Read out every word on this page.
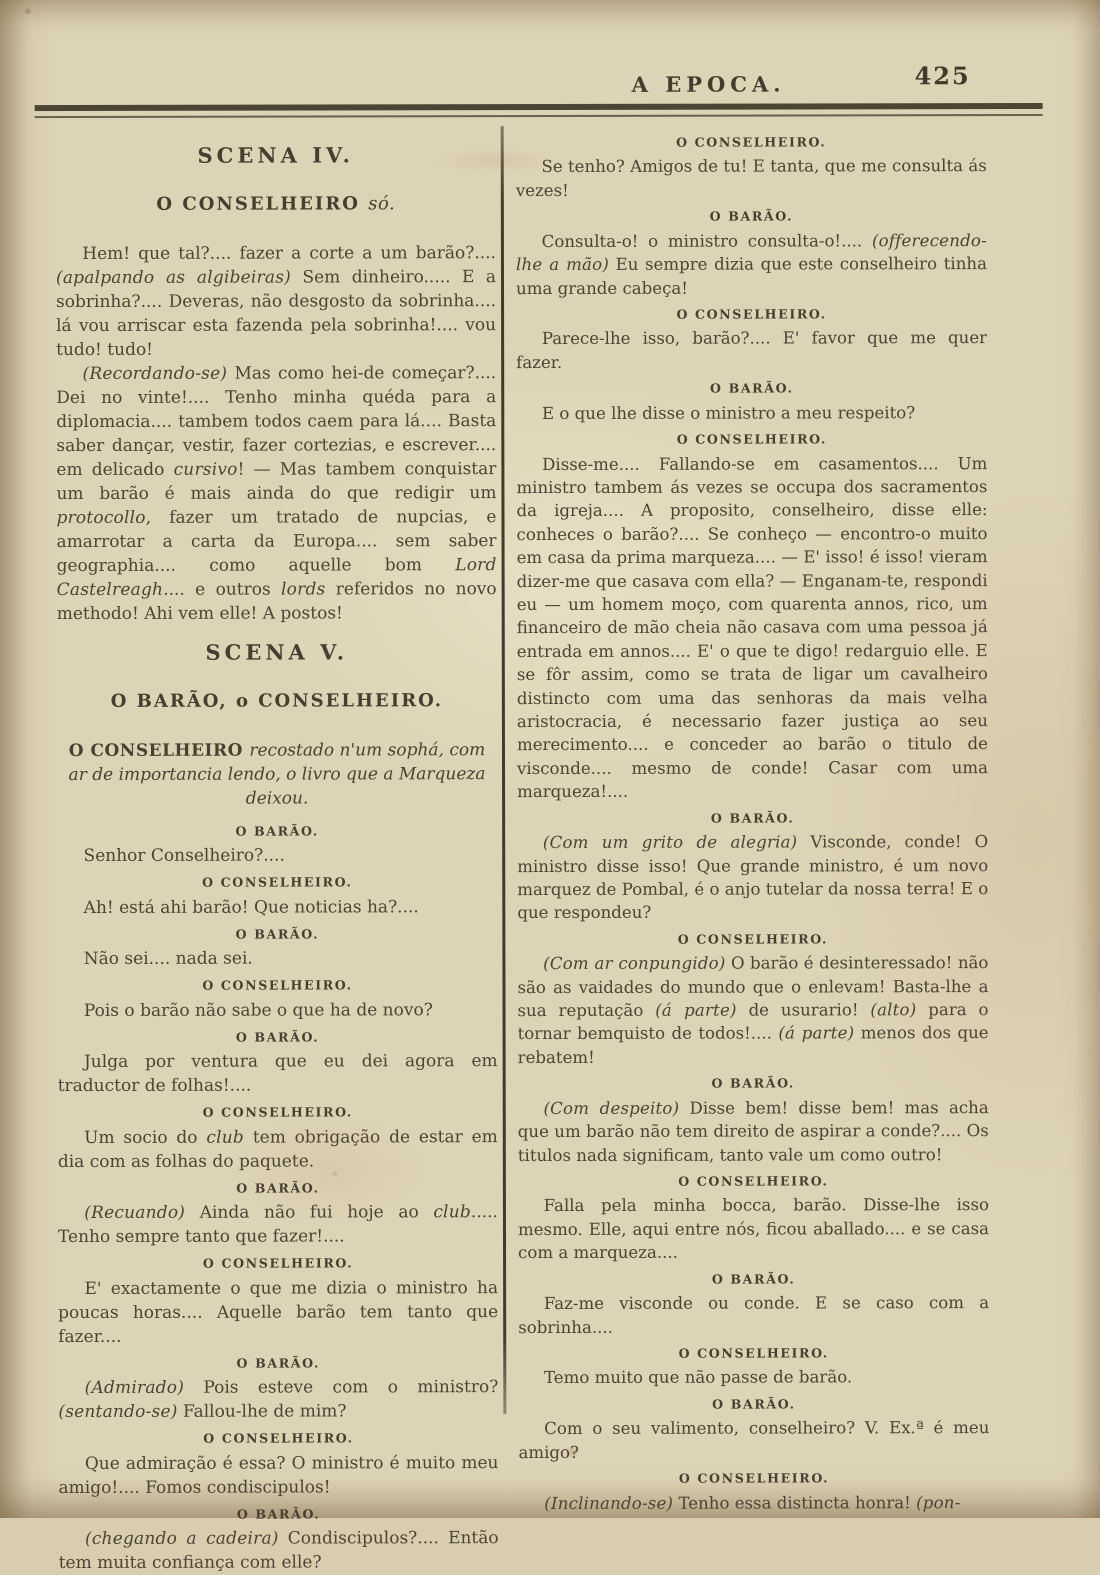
A EPOCA.	425
SCENA IV.
O CONSELHEIRO só.
Hem! que tal?.... fazer a corte a um barão?.... (apalpando as algibeiras) Sem dinheiro..... E a sobrinha?.... Deveras, não desgosto da sobrinha.... lá vou arriscar esta fazenda pela sobrinha!.... vou tudo! tudo!
(Recordando-se) Mas como hei-de começar?.... Dei no vinte!.... Tenho minha quéda para a diplomacia.... tambem todos caem para lá.... Basta saber dançar, vestir, fazer cortezias, e escrever.... em delicado cursivo! — Mas tambem conquistar um barão é mais ainda do que redigir um protocollo, fazer um tratado de nupcias, e amarrotar a carta da Europa.... sem saber geographia.... como aquelle bom Lord Castelreagh.... e outros lords referidos no novo methodo! Ahi vem elle! A postos!
SCENA V.
O BARÃO, o CONSELHEIRO.
O CONSELHEIRO recostado n'um sophá, com ar de importancia lendo, o livro que a Marqueza deixou.
O BARÃO.
Senhor Conselheiro?....
O CONSELHEIRO.
Ah! está ahi barão! Que noticias ha?....
O BARÃO.
Não sei.... nada sei.
O CONSELHEIRO.
Pois o barão não sabe o que ha de novo?
O BARÃO.
Julga por ventura que eu dei agora em traductor de folhas!....
O CONSELHEIRO.
Um socio do club tem obrigação de estar em dia com as folhas do paquete.
O BARÃO.
(Recuando) Ainda não fui hoje ao club..... Tenho sempre tanto que fazer!....
O CONSELHEIRO.
E' exactamente o que me dizia o ministro ha poucas horas.... Aquelle barão tem tanto que fazer....
O BARÃO.
(Admirado) Pois esteve com o ministro? (sentando-se) Fallou-lhe de mim?
O CONSELHEIRO.
Que admiração é essa? O ministro é muito meu amigo!.... Fomos condiscipulos!
O BARÃO.
(chegando a cadeira) Condiscipulos?.... Então tem muita confiança com elle?
O CONSELHEIRO.
Se tenho? Amigos de tu! E tanta, que me consulta ás vezes!
O BARÃO.
Consulta-o! o ministro consulta-o!.... (offerecendo-lhe a mão) Eu sempre dizia que este conselheiro tinha uma grande cabeça!
O CONSELHEIRO.
Parece-lhe isso, barão?.... E' favor que me quer fazer.
O BARÃO.
E o que lhe disse o ministro a meu respeito?
O CONSELHEIRO.
Disse-me.... Fallando-se em casamentos.... Um ministro tambem ás vezes se occupa dos sacramentos da igreja.... A proposito, conselheiro, disse elle: conheces o barão?.... Se conheço — encontro-o muito em casa da prima marqueza.... — E' isso! é isso! vieram dizer-me que casava com ella? — Enganam-te, respondi eu — um homem moço, com quarenta annos, rico, um financeiro de mão cheia não casava com uma pessoa já entrada em annos.... E' o que te digo! redarguio elle. E se fôr assim, como se trata de ligar um cavalheiro distincto com uma das senhoras da mais velha aristocracia, é necessario fazer justiça ao seu merecimento.... e conceder ao barão o titulo de visconde.... mesmo de conde! Casar com uma marqueza!....
O BARÃO.
(Com um grito de alegria) Visconde, conde! O ministro disse isso! Que grande ministro, é um novo marquez de Pombal, é o anjo tutelar da nossa terra! E o que respondeu?
O CONSELHEIRO.
(Com ar conpungido) O barão é desinteressado! não são as vaidades do mundo que o enlevam! Basta-lhe a sua reputação (á parte) de usurario! (alto) para o tornar bemquisto de todos!.... (á parte) menos dos que rebatem!
O BARÃO.
(Com despeito) Disse bem! disse bem! mas acha que um barão não tem direito de aspirar a conde?.... Os titulos nada significam, tanto vale um como outro!
O CONSELHEIRO.
Falla pela minha bocca, barão. Disse-lhe isso mesmo. Elle, aqui entre nós, ficou aballado.... e se casa com a marqueza....
O BARÃO.
Faz-me visconde ou conde. E se caso com a sobrinha....
O CONSELHEIRO.
Temo muito que não passe de barão.
O BARÃO.
Com o seu valimento, conselheiro? V. Ex.ª é meu amigo?
O CONSELHEIRO.
(Inclinando-se) Tenho essa distincta honra! (pon-
